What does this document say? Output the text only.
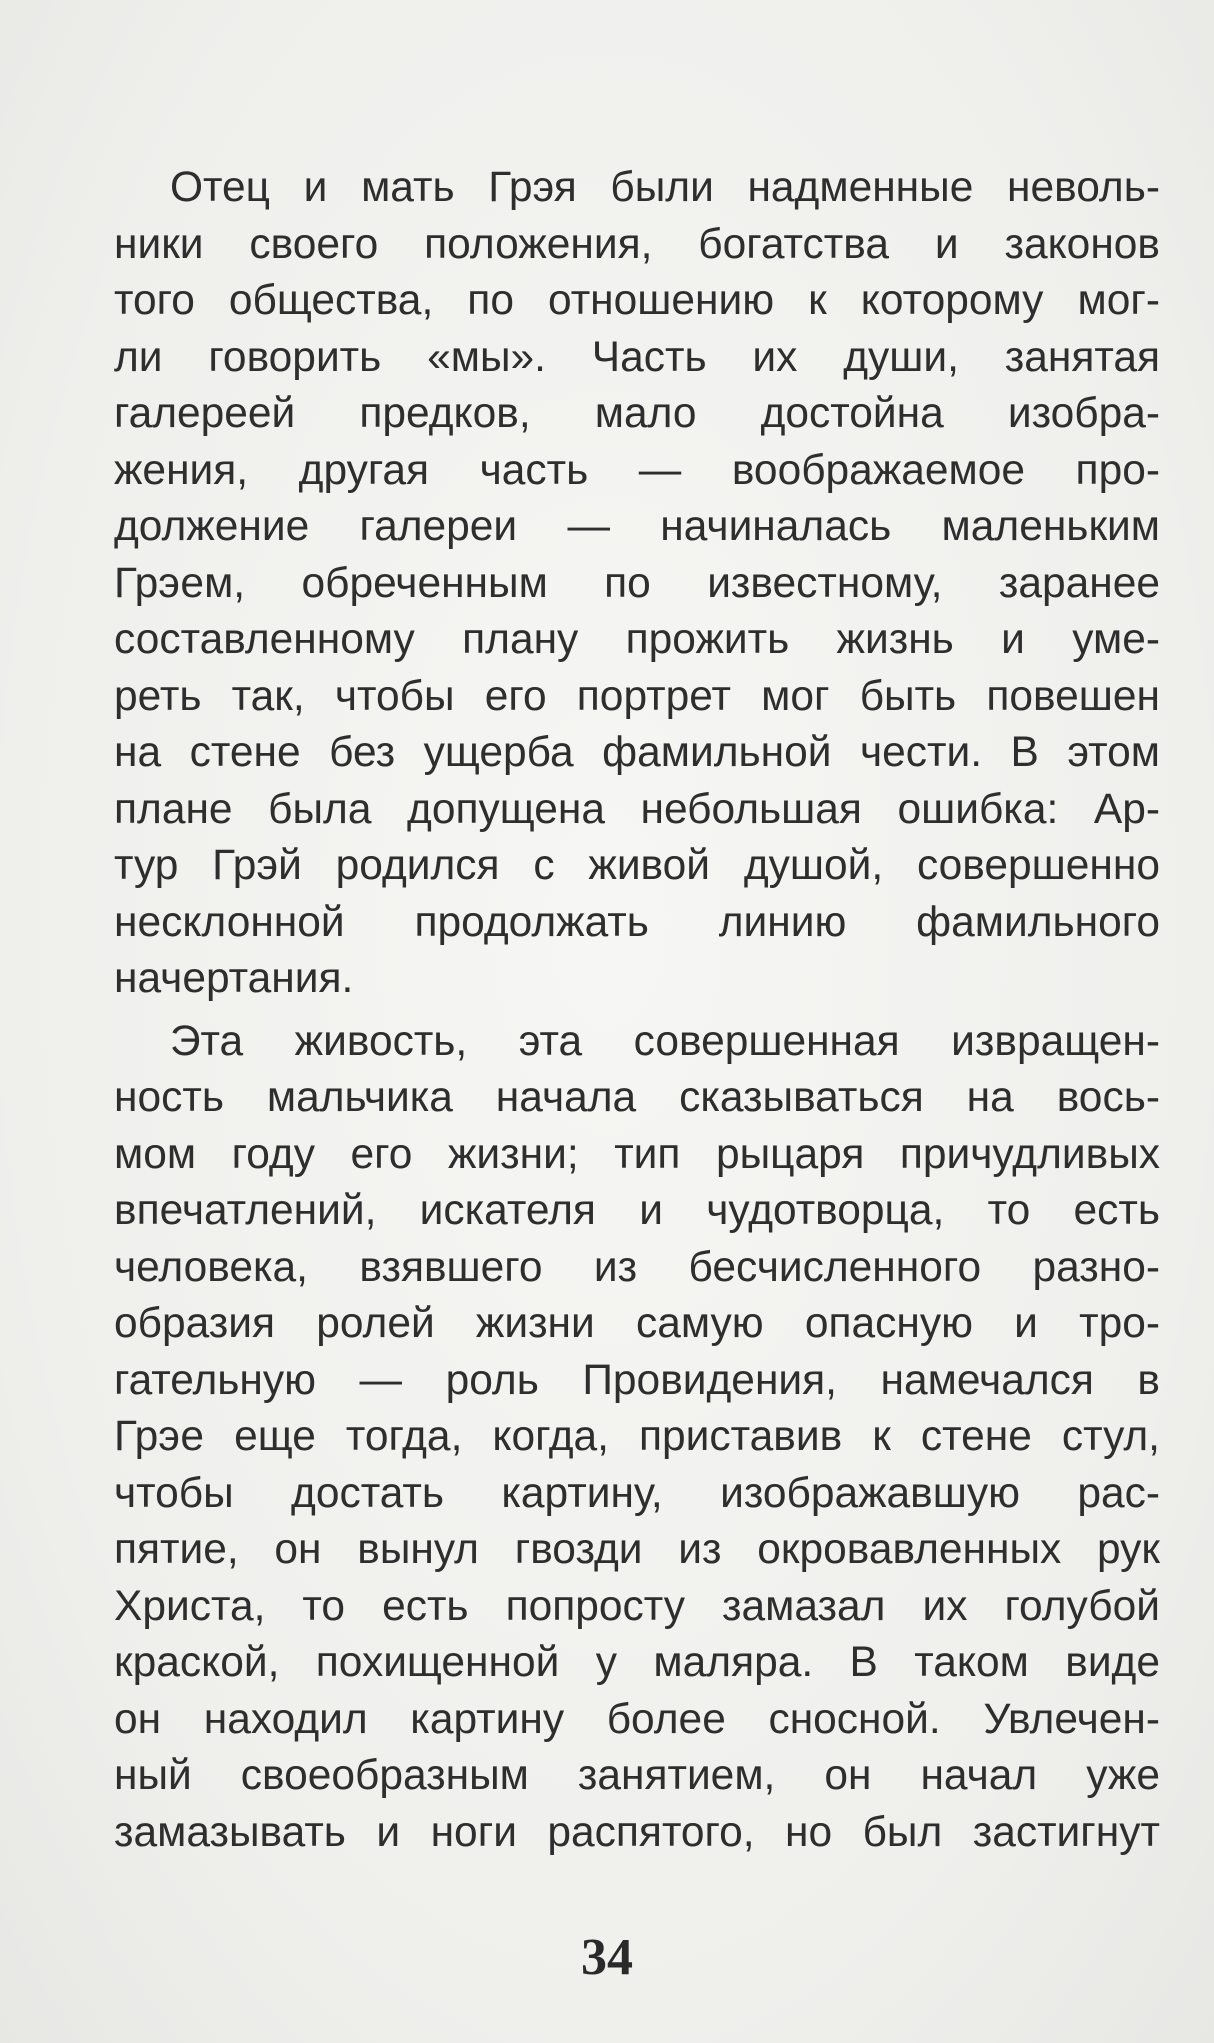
Отец и мать Грэя были надменные неволь-
ники своего положения, богатства и законов
того общества, по отношению к которому мог-
ли говорить «мы». Часть их души, занятая
галереей предков, мало достойна изобра-
жения, другая часть — воображаемое про-
должение галереи — начиналась маленьким
Грэем, обреченным по известному, заранее
составленному плану прожить жизнь и уме-
реть так, чтобы его портрет мог быть повешен
на стене без ущерба фамильной чести. В этом
плане была допущена небольшая ошибка: Ар-
тур Грэй родился с живой душой, совершенно
несклонной продолжать линию фамильного
начертания.
Эта живость, эта совершенная извращен-
ность мальчика начала сказываться на вось-
мом году его жизни; тип рыцаря причудливых
впечатлений, искателя и чудотворца, то есть
человека, взявшего из бесчисленного разно-
образия ролей жизни самую опасную и тро-
гательную — роль Провидения, намечался в
Грэе еще тогда, когда, приставив к стене стул,
чтобы достать картину, изображавшую рас-
пятие, он вынул гвозди из окровавленных рук
Христа, то есть попросту замазал их голубой
краской, похищенной у маляра. В таком виде
он находил картину более сносной. Увлечен-
ный своеобразным занятием, он начал уже
замазывать и ноги распятого, но был застигнут
34
